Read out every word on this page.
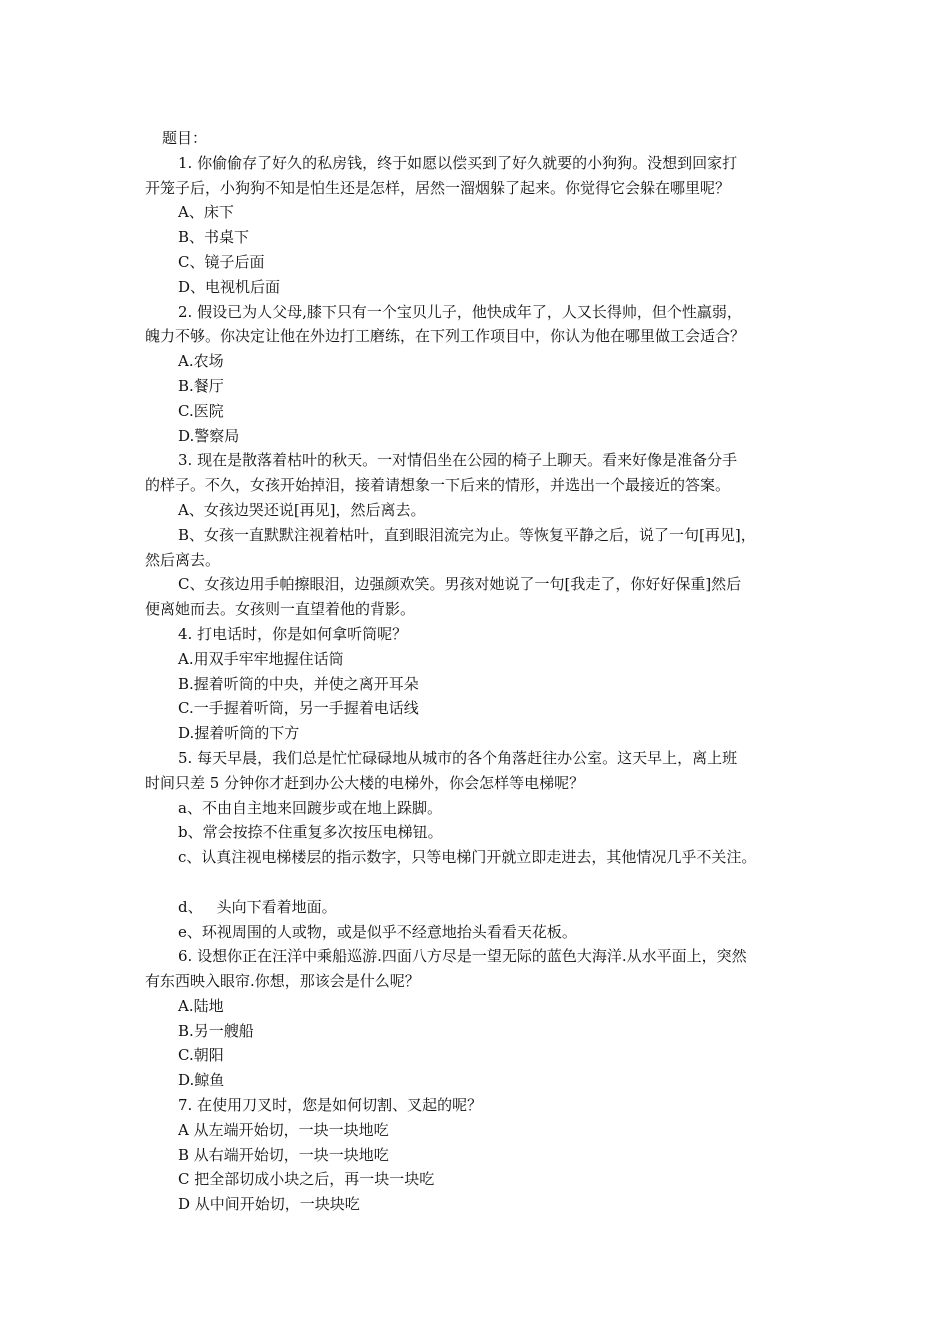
题目：

1. 你偷偷存了好久的私房钱，终于如愿以偿买到了好久就要的小狗狗。没想到回家打

开笼子后，小狗狗不知是怕生还是怎样，居然一溜烟躲了起来。你觉得它会躲在哪里呢？

A、床下

B、书桌下

C、镜子后面

D、电视机后面

2. 假设已为人父母,膝下只有一个宝贝儿子，他快成年了，人又长得帅，但个性羸弱，

魄力不够。你决定让他在外边打工磨练，在下列工作项目中，你认为他在哪里做工会适合？

A.农场

B.餐厅

C.医院

D.警察局

3. 现在是散落着枯叶的秋天。一对情侣坐在公园的椅子上聊天。看来好像是准备分手

的样子。不久，女孩开始掉泪，接着请想象一下后来的情形，并选出一个最接近的答案。

A、女孩边哭还说[再见]，然后离去。

B、女孩一直默默注视着枯叶，直到眼泪流完为止。等恢复平静之后，说了一句[再见]，

然后离去。

C、女孩边用手帕擦眼泪，边强颜欢笑。男孩对她说了一句[我走了，你好好保重]然后

便离她而去。女孩则一直望着他的背影。

4. 打电话时，你是如何拿听筒呢？

A.用双手牢牢地握住话筒

B.握着听筒的中央，并使之离开耳朵

C.一手握着听筒，另一手握着电话线

D.握着听筒的下方

5. 每天早晨，我们总是忙忙碌碌地从城市的各个角落赶往办公室。这天早上，离上班

时间只差 5 分钟你才赶到办公大楼的电梯外，你会怎样等电梯呢？

a、不由自主地来回踱步或在地上跺脚。

b、常会按捺不住重复多次按压电梯钮。

c、认真注视电梯楼层的指示数字，只等电梯门开就立即走进去，其他情况几乎不关注。

d、 头向下看着地面。

e、环视周围的人或物，或是似乎不经意地抬头看看天花板。

6. 设想你正在汪洋中乘船巡游.四面八方尽是一望无际的蓝色大海洋.从水平面上，突然

有东西映入眼帘.你想，那该会是什么呢？

A.陆地

B.另一艘船

C.朝阳

D.鲸鱼

7. 在使用刀叉时，您是如何切割、叉起的呢？

A 从左端开始切，一块一块地吃

B 从右端开始切，一块一块地吃

C 把全部切成小块之后，再一块一块吃

D 从中间开始切，一块块吃
